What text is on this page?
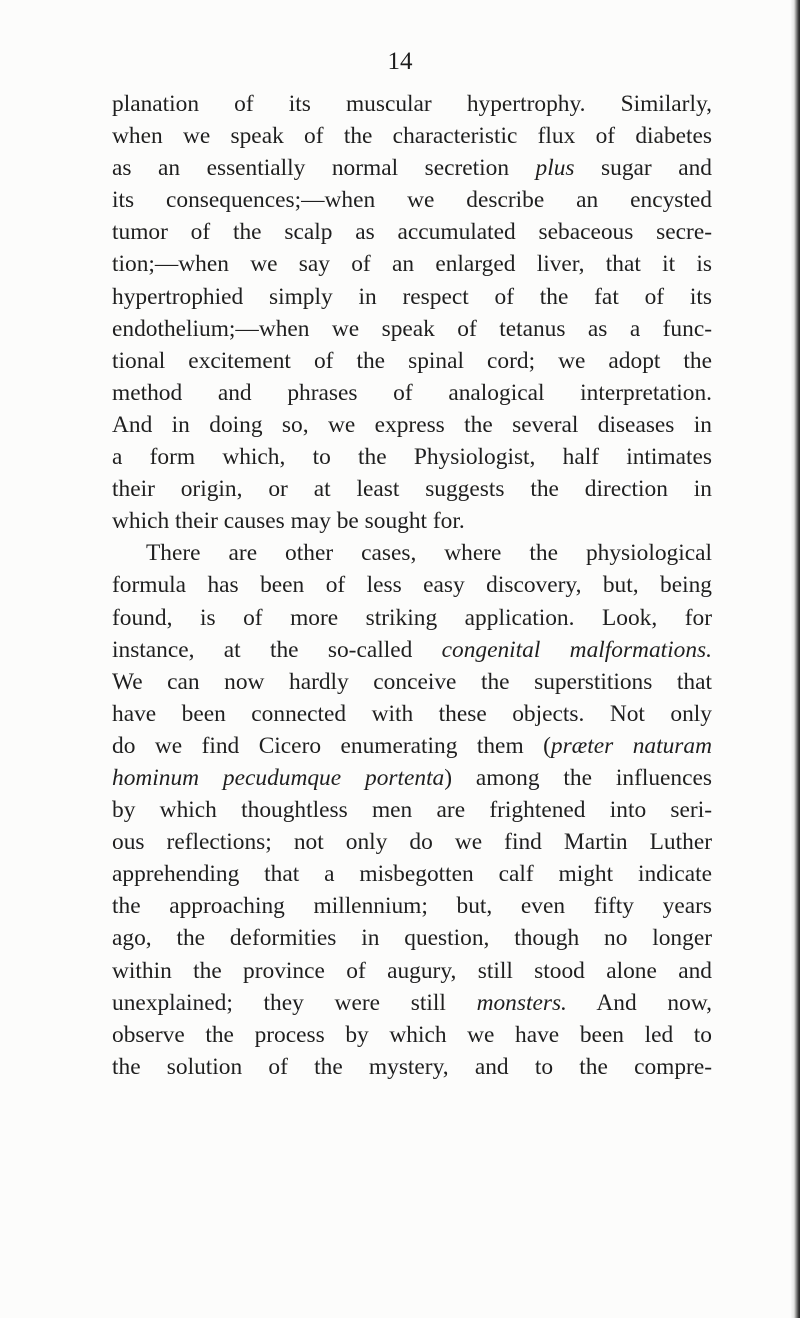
14
planation of its muscular hypertrophy. Similarly,
when we speak of the characteristic flux of diabetes
as an essentially normal secretion plus sugar and
its consequences;—when we describe an encysted
tumor of the scalp as accumulated sebaceous secre-
tion;—when we say of an enlarged liver, that it is
hypertrophied simply in respect of the fat of its
endothelium;—when we speak of tetanus as a func-
tional excitement of the spinal cord; we adopt the
method and phrases of analogical interpretation.
And in doing so, we express the several diseases in
a form which, to the Physiologist, half intimates
their origin, or at least suggests the direction in
which their causes may be sought for.
There are other cases, where the physiological
formula has been of less easy discovery, but, being
found, is of more striking application. Look, for
instance, at the so-called congenital malformations.
We can now hardly conceive the superstitions that
have been connected with these objects. Not only
do we find Cicero enumerating them (præter naturam
hominum pecudumque portenta) among the influences
by which thoughtless men are frightened into seri-
ous reflections; not only do we find Martin Luther
apprehending that a misbegotten calf might indicate
the approaching millennium; but, even fifty years
ago, the deformities in question, though no longer
within the province of augury, still stood alone and
unexplained; they were still monsters. And now,
observe the process by which we have been led to
the solution of the mystery, and to the compre-
